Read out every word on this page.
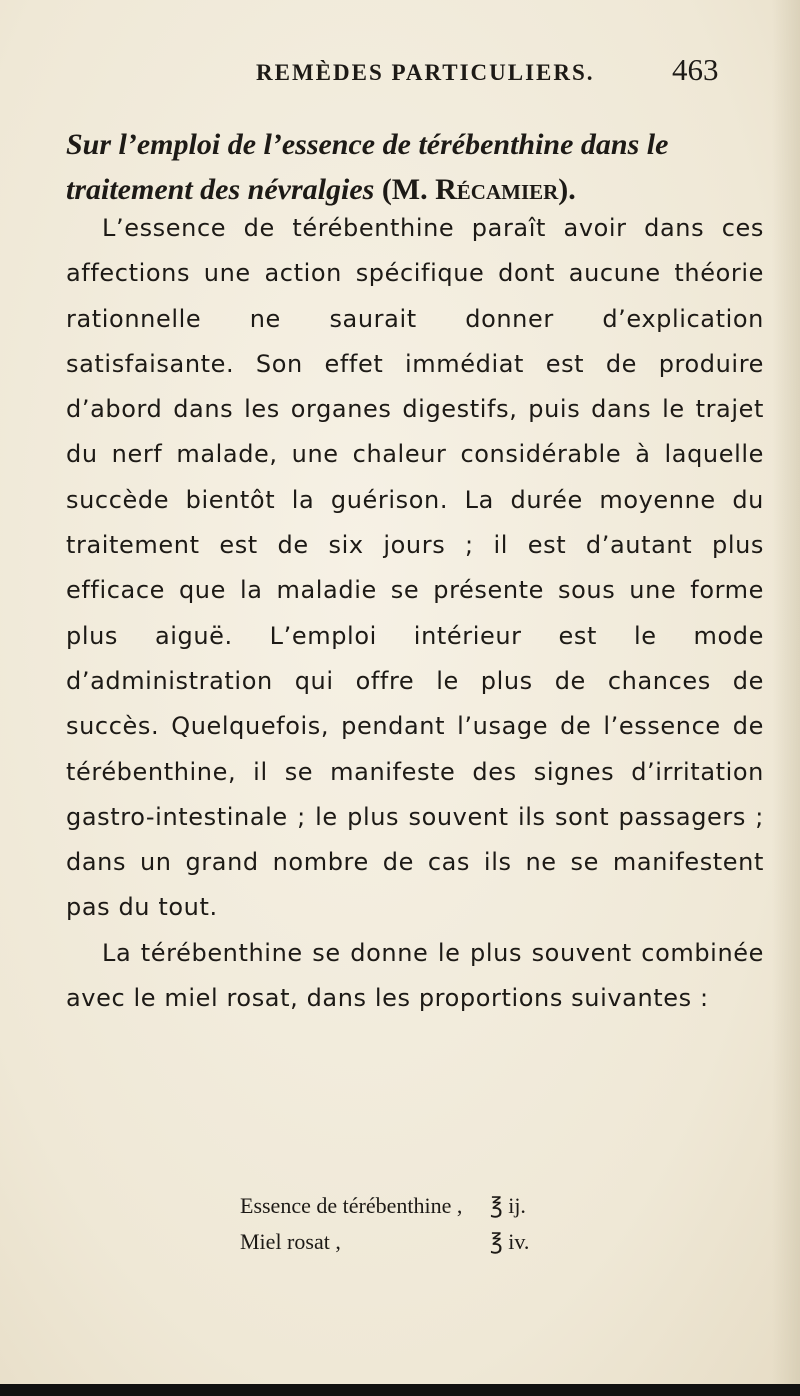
REMÈDES PARTICULIERS. 463
Sur l’emploi de l’essence de térébenthine dans le traitement des névralgies (M. Récamier).

L’essence de térébenthine paraît avoir dans ces affections une action spécifique dont aucune théorie rationnelle ne saurait donner d’explication satisfaisante. Son effet immédiat est de produire d’abord dans les organes digestifs, puis dans le trajet du nerf malade, une chaleur considérable à laquelle succède bientôt la guérison. La durée moyenne du traitement est de six jours ; il est d’autant plus efficace que la maladie se présente sous une forme plus aiguë. L’emploi intérieur est le mode d’administration qui offre le plus de chances de succès. Quelquefois, pendant l’usage de l’essence de térébenthine, il se manifeste des signes d’irritation gastro-intestinale ; le plus souvent ils sont passagers ; dans un grand nombre de cas ils ne se manifestent pas du tout.

La térébenthine se donne le plus souvent combinée avec le miel rosat, dans les proportions suivantes :

Essence de térébenthine ,	℥ ij.
Miel rosat ,	℥ iv.
